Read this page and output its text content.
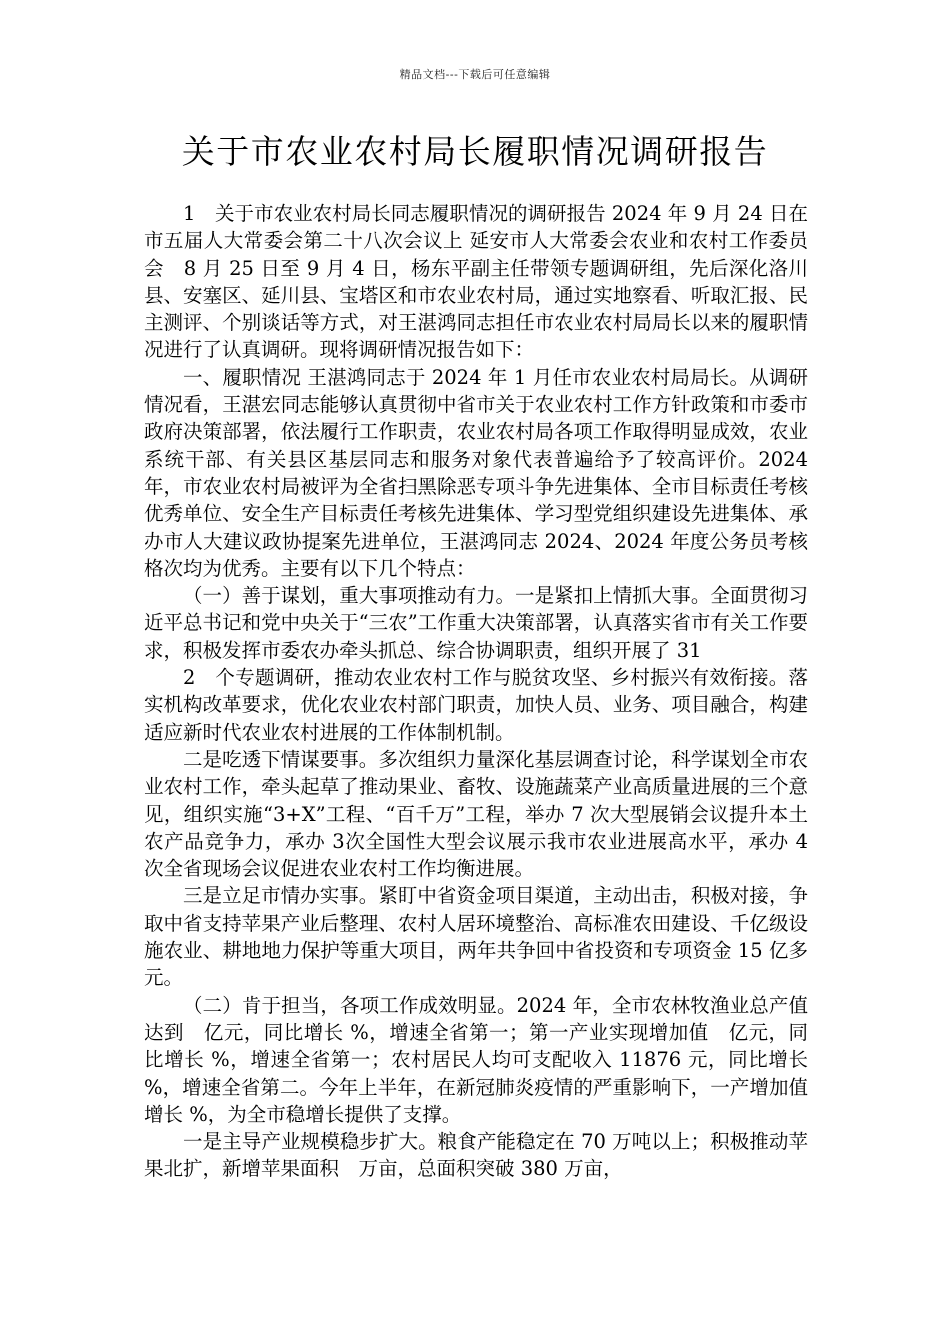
精品文档---下载后可任意编辑
关于市农业农村局长履职情况调研报告

1　关于市农业农村局长同志履职情况的调研报告 2024 年 9 月 24 日在市五届人大常委会第二十八次会议上 延安市人大常委会农业和农村工作委员会　8 月 25 日至 9 月 4 日，杨东平副主任带领专题调研组，先后深化洛川县、安塞区、延川县、宝塔区和市农业农村局，通过实地察看、听取汇报、民主测评、个别谈话等方式，对王湛鸿同志担任市农业农村局局长以来的履职情况进行了认真调研。现将调研情况报告如下：

一、履职情况 王湛鸿同志于 2024 年 1 月任市农业农村局局长。从调研情况看，王湛宏同志能够认真贯彻中省市关于农业农村工作方针政策和市委市政府决策部署，依法履行工作职责，农业农村局各项工作取得明显成效，农业系统干部、有关县区基层同志和服务对象代表普遍给予了较高评价。2024 年，市农业农村局被评为全省扫黑除恶专项斗争先进集体、全市目标责任考核优秀单位、安全生产目标责任考核先进集体、学习型党组织建设先进集体、承办市人大建议政协提案先进单位，王湛鸿同志 2024、2024 年度公务员考核格次均为优秀。主要有以下几个特点：

（一）善于谋划，重大事项推动有力。一是紧扣上情抓大事。全面贯彻习近平总书记和党中央关于“三农”工作重大决策部署，认真落实省市有关工作要求，积极发挥市委农办牵头抓总、综合协调职责，组织开展了 31

2　个专题调研，推动农业农村工作与脱贫攻坚、乡村振兴有效衔接。落实机构改革要求，优化农业农村部门职责，加快人员、业务、项目融合，构建适应新时代农业农村进展的工作体制机制。

二是吃透下情谋要事。多次组织力量深化基层调查讨论，科学谋划全市农业农村工作，牵头起草了推动果业、畜牧、设施蔬菜产业高质量进展的三个意见，组织实施“3+X”工程、“百千万”工程，举办 7 次大型展销会议提升本土农产品竞争力，承办 3次全国性大型会议展示我市农业进展高水平，承办 4 次全省现场会议促进农业农村工作均衡进展。

三是立足市情办实事。紧盯中省资金项目渠道，主动出击，积极对接，争取中省支持苹果产业后整理、农村人居环境整治、高标准农田建设、千亿级设施农业、耕地地力保护等重大项目，两年共争回中省投资和专项资金 15 亿多元。

（二）肯于担当，各项工作成效明显。2024 年，全市农林牧渔业总产值达到　亿元，同比增长 %，增速全省第一；第一产业实现增加值　亿元，同比增长 %，增速全省第一；农村居民人均可支配收入 11876 元，同比增长 %，增速全省第二。今年上半年，在新冠肺炎疫情的严重影响下，一产增加值增长 %，为全市稳增长提供了支撑。

一是主导产业规模稳步扩大。粮食产能稳定在 70 万吨以上；积极推动苹果北扩，新增苹果面积　万亩，总面积突破 380 万亩，
